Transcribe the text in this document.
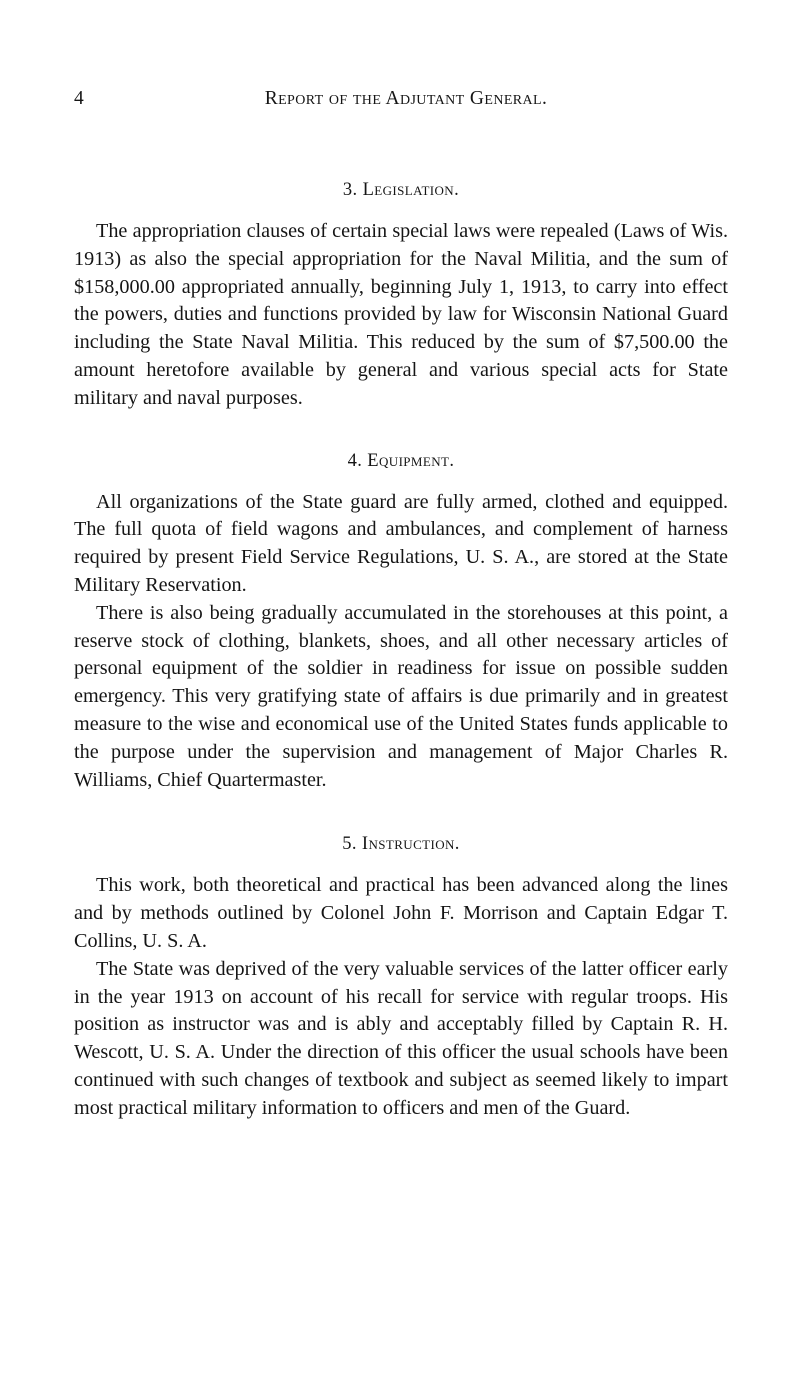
4	Report of the Adjutant General.
3. Legislation.

The appropriation clauses of certain special laws were repealed (Laws of Wis. 1913) as also the special appropriation for the Naval Militia, and the sum of $158,000.00 appropriated annually, beginning July 1, 1913, to carry into effect the powers, duties and functions provided by law for Wisconsin National Guard including the State Naval Militia. This reduced by the sum of $7,500.00 the amount heretofore available by general and various special acts for State military and naval purposes.

4. Equipment.

All organizations of the State guard are fully armed, clothed and equipped. The full quota of field wagons and ambulances, and complement of harness required by present Field Service Regulations, U. S. A., are stored at the State Military Reservation.

There is also being gradually accumulated in the storehouses at this point, a reserve stock of clothing, blankets, shoes, and all other necessary articles of personal equipment of the soldier in readiness for issue on possible sudden emergency. This very gratifying state of affairs is due primarily and in greatest measure to the wise and economical use of the United States funds applicable to the purpose under the supervision and management of Major Charles R. Williams, Chief Quartermaster.

5. Instruction.

This work, both theoretical and practical has been advanced along the lines and by methods outlined by Colonel John F. Morrison and Captain Edgar T. Collins, U. S. A.

The State was deprived of the very valuable services of the latter officer early in the year 1913 on account of his recall for service with regular troops. His position as instructor was and is ably and acceptably filled by Captain R. H. Wescott, U. S. A. Under the direction of this officer the usual schools have been continued with such changes of textbook and subject as seemed likely to impart most practical military information to officers and men of the Guard.
